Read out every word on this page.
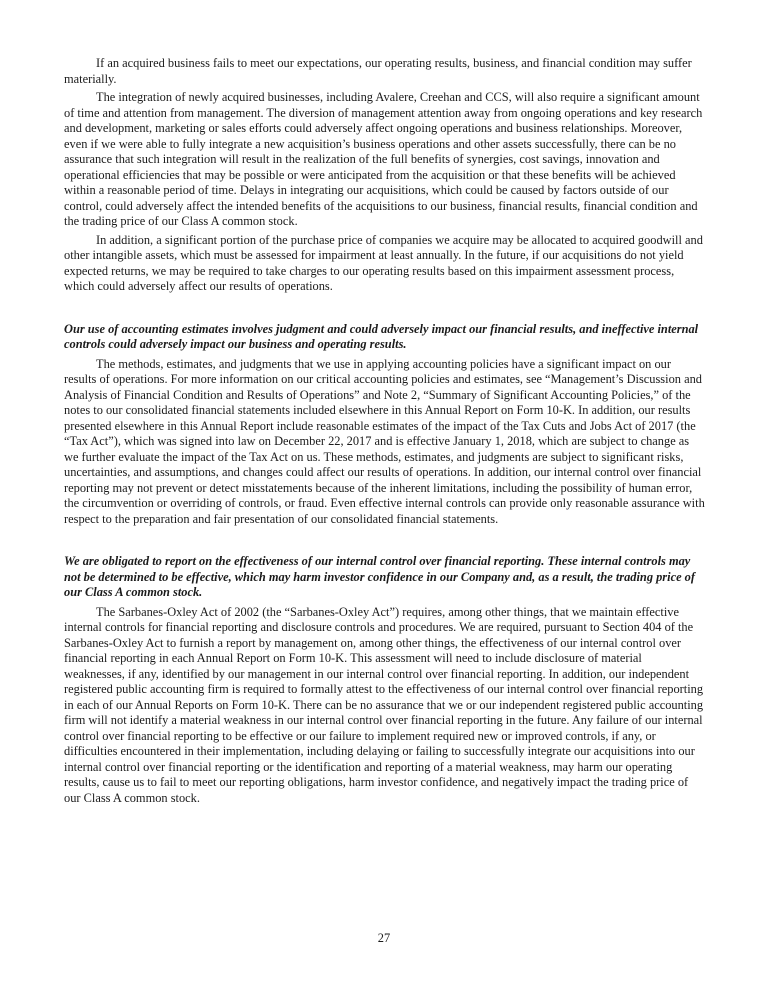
If an acquired business fails to meet our expectations, our operating results, business, and financial condition may suffer materially.

The integration of newly acquired businesses, including Avalere, Creehan and CCS, will also require a significant amount of time and attention from management. The diversion of management attention away from ongoing operations and key research and development, marketing or sales efforts could adversely affect ongoing operations and business relationships. Moreover, even if we were able to fully integrate a new acquisition’s business operations and other assets successfully, there can be no assurance that such integration will result in the realization of the full benefits of synergies, cost savings, innovation and operational efficiencies that may be possible or were anticipated from the acquisition or that these benefits will be achieved within a reasonable period of time. Delays in integrating our acquisitions, which could be caused by factors outside of our control, could adversely affect the intended benefits of the acquisitions to our business, financial results, financial condition and the trading price of our Class A common stock.

In addition, a significant portion of the purchase price of companies we acquire may be allocated to acquired goodwill and other intangible assets, which must be assessed for impairment at least annually. In the future, if our acquisitions do not yield expected returns, we may be required to take charges to our operating results based on this impairment assessment process, which could adversely affect our results of operations.

Our use of accounting estimates involves judgment and could adversely impact our financial results, and ineffective internal controls could adversely impact our business and operating results.

The methods, estimates, and judgments that we use in applying accounting policies have a significant impact on our results of operations. For more information on our critical accounting policies and estimates, see “Management’s Discussion and Analysis of Financial Condition and Results of Operations” and Note 2, “Summary of Significant Accounting Policies,” of the notes to our consolidated financial statements included elsewhere in this Annual Report on Form 10-K. In addition, our results presented elsewhere in this Annual Report include reasonable estimates of the impact of the Tax Cuts and Jobs Act of 2017 (the “Tax Act”), which was signed into law on December 22, 2017 and is effective January 1, 2018, which are subject to change as we further evaluate the impact of the Tax Act on us. These methods, estimates, and judgments are subject to significant risks, uncertainties, and assumptions, and changes could affect our results of operations. In addition, our internal control over financial reporting may not prevent or detect misstatements because of the inherent limitations, including the possibility of human error, the circumvention or overriding of controls, or fraud. Even effective internal controls can provide only reasonable assurance with respect to the preparation and fair presentation of our consolidated financial statements.

We are obligated to report on the effectiveness of our internal control over financial reporting. These internal controls may not be determined to be effective, which may harm investor confidence in our Company and, as a result, the trading price of our Class A common stock.

The Sarbanes-Oxley Act of 2002 (the “Sarbanes-Oxley Act”) requires, among other things, that we maintain effective internal controls for financial reporting and disclosure controls and procedures. We are required, pursuant to Section 404 of the Sarbanes-Oxley Act to furnish a report by management on, among other things, the effectiveness of our internal control over financial reporting in each Annual Report on Form 10-K. This assessment will need to include disclosure of material weaknesses, if any, identified by our management in our internal control over financial reporting. In addition, our independent registered public accounting firm is required to formally attest to the effectiveness of our internal control over financial reporting in each of our Annual Reports on Form 10-K. There can be no assurance that we or our independent registered public accounting firm will not identify a material weakness in our internal control over financial reporting in the future. Any failure of our internal control over financial reporting to be effective or our failure to implement required new or improved controls, if any, or difficulties encountered in their implementation, including delaying or failing to successfully integrate our acquisitions into our internal control over financial reporting or the identification and reporting of a material weakness, may harm our operating results, cause us to fail to meet our reporting obligations, harm investor confidence, and negatively impact the trading price of our Class A common stock.

27
